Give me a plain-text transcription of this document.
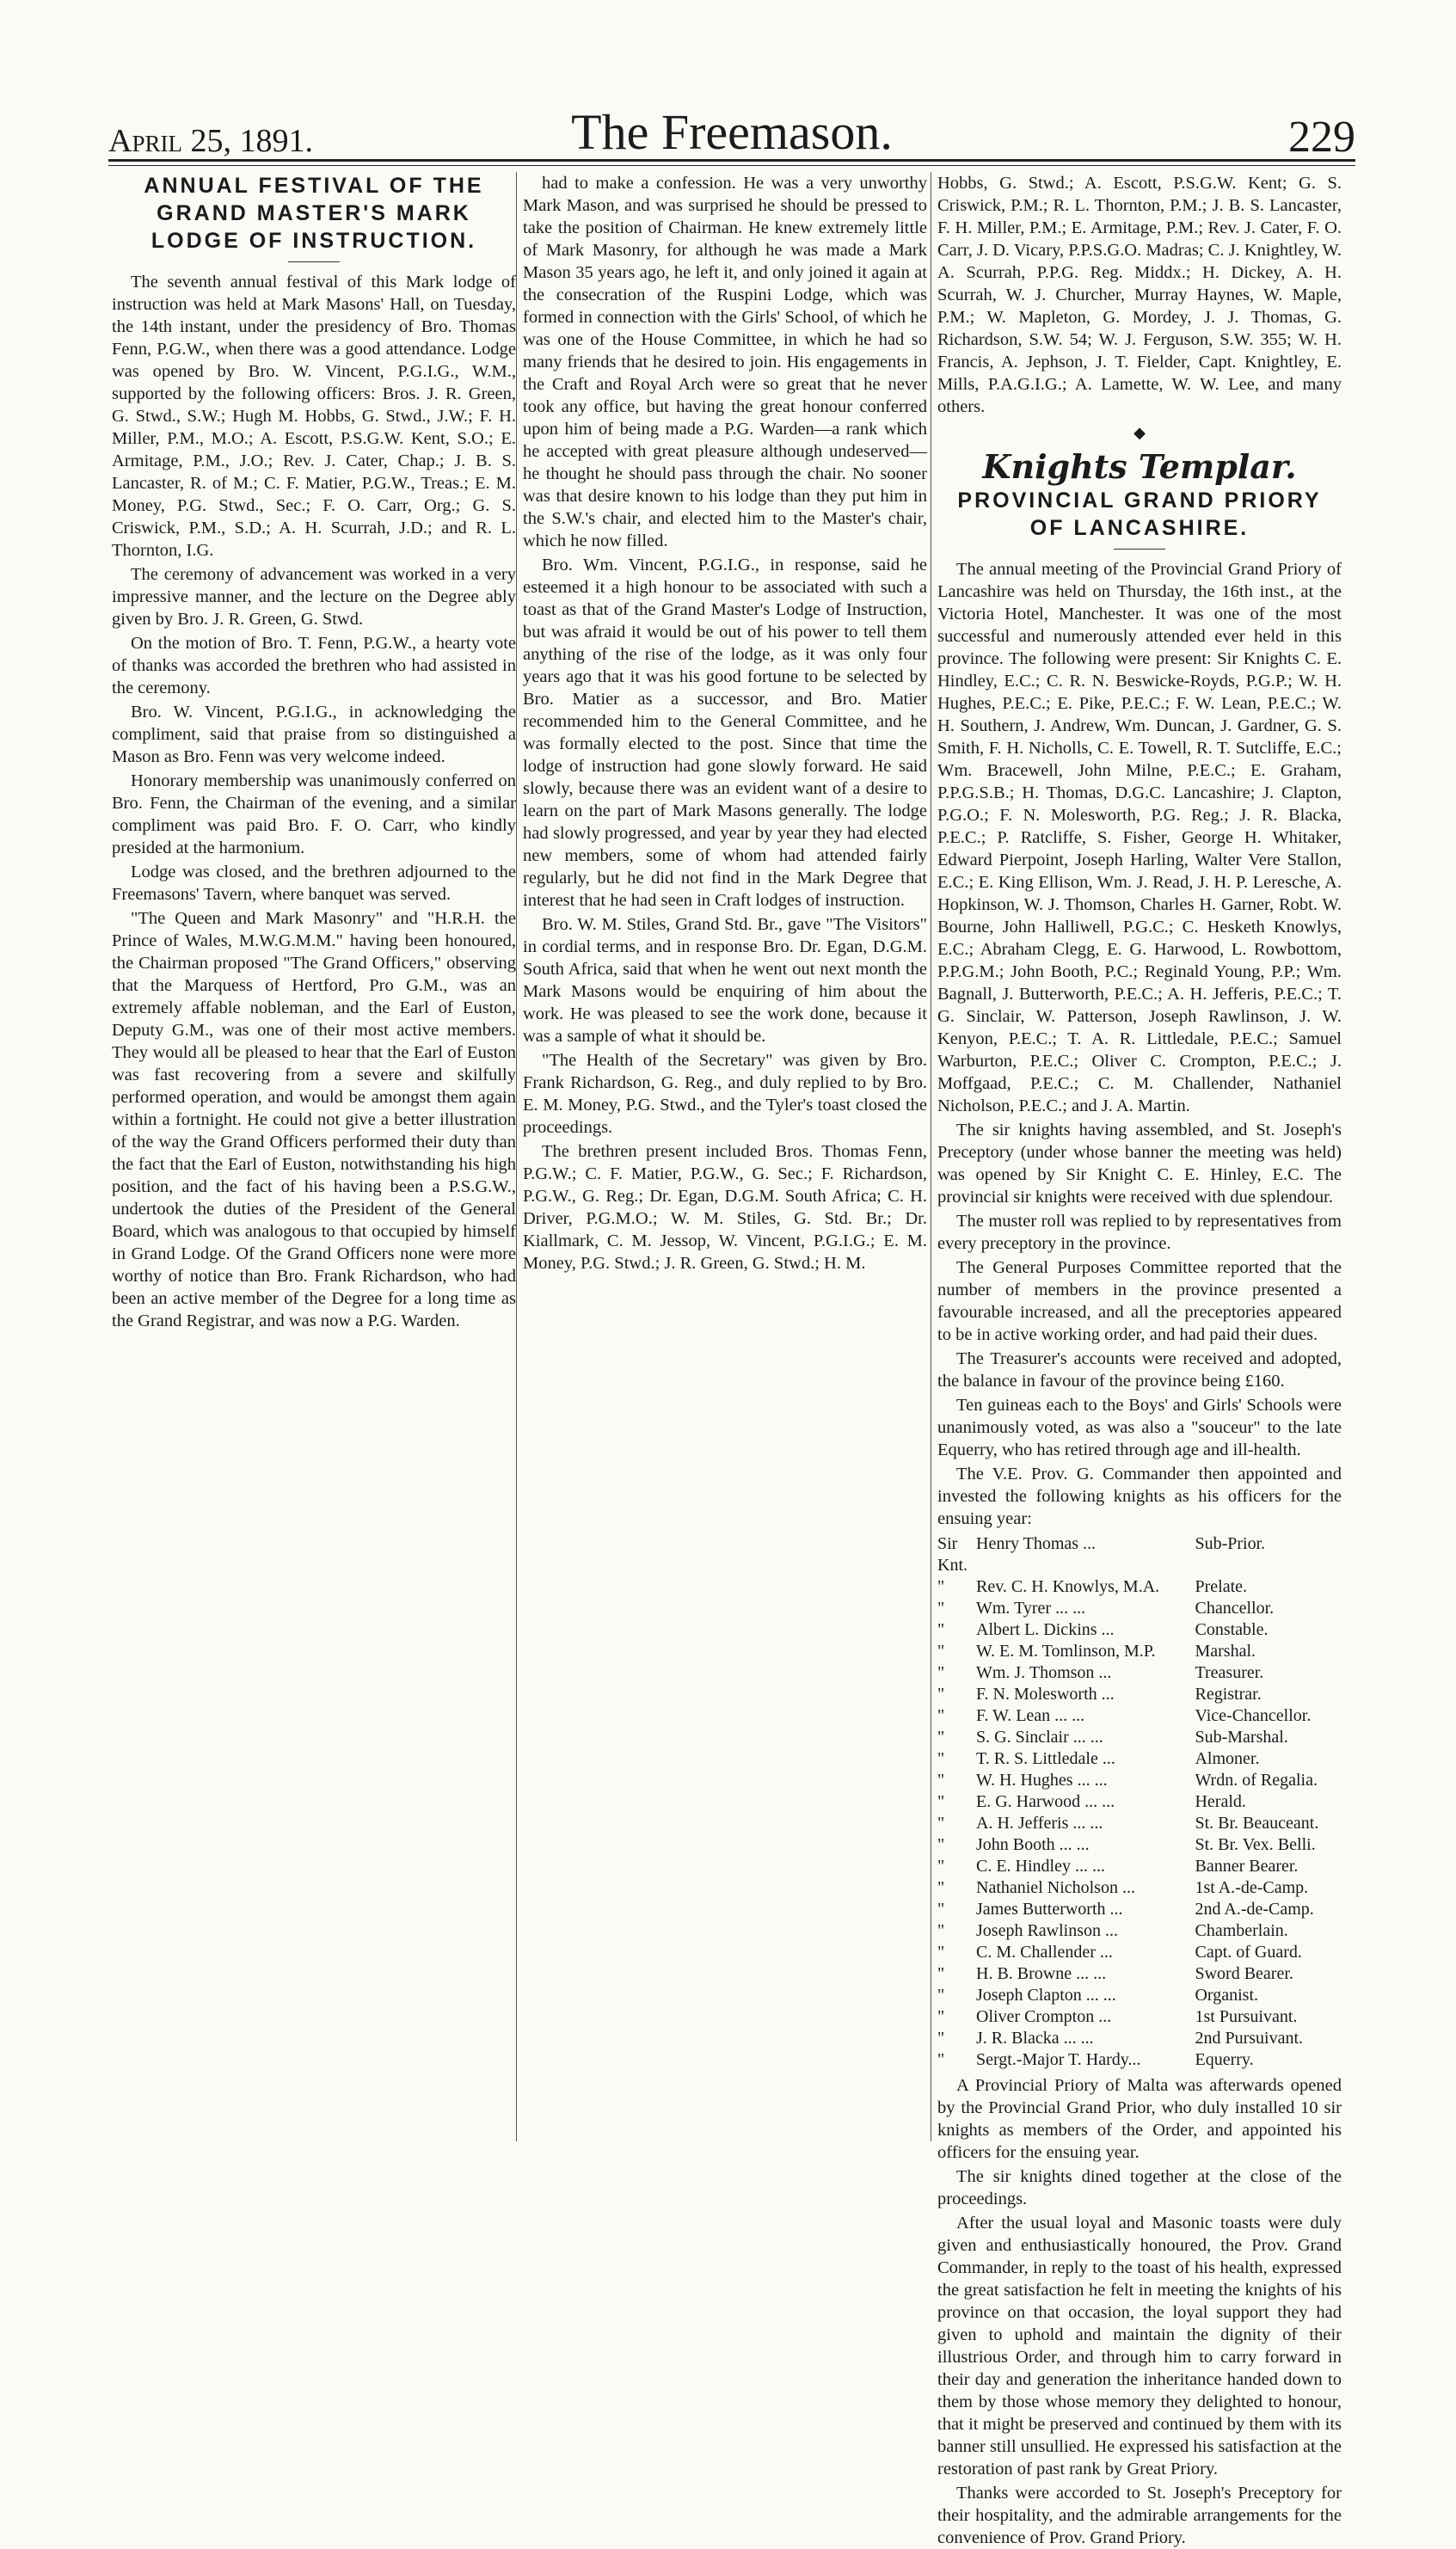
April 25, 1891.	The Freemason.	229
ANNUAL FESTIVAL OF THE GRAND MASTER'S MARK LODGE OF INSTRUCTION.

The seventh annual festival of this Mark lodge of instruction was held at Mark Masons' Hall, on Tuesday, the 14th instant, under the presidency of Bro. Thomas Fenn, P.G.W., when there was a good attendance. Lodge was opened by Bro. W. Vincent, P.G.I.G., W.M., supported by the following officers: Bros. J. R. Green, G. Stwd., S.W.; Hugh M. Hobbs, G. Stwd., J.W.; F. H. Miller, P.M., M.O.; A. Escott, P.S.G.W. Kent, S.O.; E. Armitage, P.M., J.O.; Rev. J. Cater, Chap.; J. B. S. Lancaster, R. of M.; C. F. Matier, P.G.W., Treas.; E. M. Money, P.G. Stwd., Sec.; F. O. Carr, Org.; G. S. Criswick, P.M., S.D.; A. H. Scurrah, J.D.; and R. L. Thornton, I.G.

The ceremony of advancement was worked in a very impressive manner, and the lecture on the Degree ably given by Bro. J. R. Green, G. Stwd.

On the motion of Bro. T. Fenn, P.G.W., a hearty vote of thanks was accorded the brethren who had assisted in the ceremony.

Bro. W. Vincent, P.G.I.G., in acknowledging the compliment, said that praise from so distinguished a Mason as Bro. Fenn was very welcome indeed.

Honorary membership was unanimously conferred on Bro. Fenn, the Chairman of the evening, and a similar compliment was paid Bro. F. O. Carr, who kindly presided at the harmonium.

Lodge was closed, and the brethren adjourned to the Freemasons' Tavern, where banquet was served.

"The Queen and Mark Masonry" and "H.R.H. the Prince of Wales, M.W.G.M.M." having been honoured, the Chairman proposed "The Grand Officers," observing that the Marquess of Hertford, Pro G.M., was an extremely affable nobleman, and the Earl of Euston, Deputy G.M., was one of their most active members. They would all be pleased to hear that the Earl of Euston was fast recovering from a severe and skilfully performed operation, and would be amongst them again within a fortnight. He could not give a better illustration of the way the Grand Officers performed their duty than the fact that the Earl of Euston, notwithstanding his high position, and the fact of his having been a P.S.G.W., undertook the duties of the President of the General Board, which was analogous to that occupied by himself in Grand Lodge. Of the Grand Officers none were more worthy of notice than Bro. Frank Richardson, who had been an active member of the Degree for a long time as the Grand Registrar, and was now a P.G. Warden.

had to make a confession. He was a very unworthy Mark Mason, and was surprised he should be pressed to take the position of Chairman. He knew extremely little of Mark Masonry, for although he was made a Mark Mason 35 years ago, he left it, and only joined it again at the consecration of the Ruspini Lodge, which was formed in connection with the Girls' School, of which he was one of the House Committee, in which he had so many friends that he desired to join. His engagements in the Craft and Royal Arch were so great that he never took any office, but having the great honour conferred upon him of being made a P.G. Warden—a rank which he accepted with great pleasure although undeserved—he thought he should pass through the chair. No sooner was that desire known to his lodge than they put him in the S.W.'s chair, and elected him to the Master's chair, which he now filled.

Bro. Wm. Vincent, P.G.I.G., in response, said he esteemed it a high honour to be associated with such a toast as that of the Grand Master's Lodge of Instruction, but was afraid it would be out of his power to tell them anything of the rise of the lodge, as it was only four years ago that it was his good fortune to be selected by Bro. Matier as a successor, and Bro. Matier recommended him to the General Committee, and he was formally elected to the post. Since that time the lodge of instruction had gone slowly forward. He said slowly, because there was an evident want of a desire to learn on the part of Mark Masons generally. The lodge had slowly progressed, and year by year they had elected new members, some of whom had attended fairly regularly, but he did not find in the Mark Degree that interest that he had seen in Craft lodges of instruction.

Bro. W. M. Stiles, Grand Std. Br., gave "The Visitors" in cordial terms, and in response Bro. Dr. Egan, D.G.M. South Africa, said that when he went out next month the Mark Masons would be enquiring of him about the work. He was pleased to see the work done, because it was a sample of what it should be.

"The Health of the Secretary" was given by Bro. Frank Richardson, G. Reg., and duly replied to by Bro. E. M. Money, P.G. Stwd., and the Tyler's toast closed the proceedings.

The brethren present included Bros. Thomas Fenn, P.G.W.; C. F. Matier, P.G.W., G. Sec.; F. Richardson, P.G.W., G. Reg.; Dr. Egan, D.G.M. South Africa; C. H. Driver, P.G.M.O.; W. M. Stiles, G. Std. Br.; Dr. Kiallmark, C. M. Jessop, W. Vincent, P.G.I.G.; E. M. Money, P.G. Stwd.; J. R. Green, G. Stwd.; H. M.

Hobbs, G. Stwd.; A. Escott, P.S.G.W. Kent; G. S. Criswick, P.M.; R. L. Thornton, P.M.; J. B. S. Lancaster, F. H. Miller, P.M.; E. Armitage, P.M.; Rev. J. Cater, F. O. Carr, J. D. Vicary, P.P.S.G.O. Madras; C. J. Knightley, W. A. Scurrah, P.P.G. Reg. Middx.; H. Dickey, A. H. Scurrah, W. J. Churcher, Murray Haynes, W. Maple, P.M.; W. Mapleton, G. Mordey, J. J. Thomas, G. Richardson, S.W. 54; W. J. Ferguson, S.W. 355; W. H. Francis, A. Jephson, J. T. Fielder, Capt. Knightley, E. Mills, P.A.G.I.G.; A. Lamette, W. W. Lee, and many others.

◆
Knights Templar.
PROVINCIAL GRAND PRIORY OF LANCASHIRE.

The annual meeting of the Provincial Grand Priory of Lancashire was held on Thursday, the 16th inst., at the Victoria Hotel, Manchester. It was one of the most successful and numerously attended ever held in this province. The following were present: Sir Knights C. E. Hindley, E.C.; C. R. N. Beswicke-Royds, P.G.P.; W. H. Hughes, P.E.C.; E. Pike, P.E.C.; F. W. Lean, P.E.C.; W. H. Southern, J. Andrew, Wm. Duncan, J. Gardner, G. S. Smith, F. H. Nicholls, C. E. Towell, R. T. Sutcliffe, E.C.; Wm. Bracewell, John Milne, P.E.C.; E. Graham, P.P.G.S.B.; H. Thomas, D.G.C. Lancashire; J. Clapton, P.G.O.; F. N. Molesworth, P.G. Reg.; J. R. Blacka, P.E.C.; P. Ratcliffe, S. Fisher, George H. Whitaker, Edward Pierpoint, Joseph Harling, Walter Vere Stallon, E.C.; E. King Ellison, Wm. J. Read, J. H. P. Leresche, A. Hopkinson, W. J. Thomson, Charles H. Garner, Robt. W. Bourne, John Halliwell, P.G.C.; C. Hesketh Knowlys, E.C.; Abraham Clegg, E. G. Harwood, L. Rowbottom, P.P.G.M.; John Booth, P.C.; Reginald Young, P.P.; Wm. Bagnall, J. Butterworth, P.E.C.; A. H. Jefferis, P.E.C.; T. G. Sinclair, W. Patterson, Joseph Rawlinson, J. W. Kenyon, P.E.C.; T. A. R. Littledale, P.E.C.; Samuel Warburton, P.E.C.; Oliver C. Crompton, P.E.C.; J. Moffgaad, P.E.C.; C. M. Challender, Nathaniel Nicholson, P.E.C.; and J. A. Martin.

The sir knights having assembled, and St. Joseph's Preceptory (under whose banner the meeting was held) was opened by Sir Knight C. E. Hinley, E.C. The provincial sir knights were received with due splendour.

The muster roll was replied to by representatives from every preceptory in the province.

The General Purposes Committee reported that the number of members in the province presented a favourable increased, and all the preceptories appeared to be in active working order, and had paid their dues.

The Treasurer's accounts were received and adopted, the balance in favour of the province being £160.

Ten guineas each to the Boys' and Girls' Schools were unanimously voted, as was also a "souceur" to the late Equerry, who has retired through age and ill-health.

The V.E. Prov. G. Commander then appointed and invested the following knights as his officers for the ensuing year:

Sir Knt.	Henry Thomas ...	Sub-Prior.
"	Rev. C. H. Knowlys, M.A.	Prelate.
"	Wm. Tyrer ... ...	Chancellor.
"	Albert L. Dickins ...	Constable.
"	W. E. M. Tomlinson, M.P.	Marshal.
"	Wm. J. Thomson ...	Treasurer.
"	F. N. Molesworth ...	Registrar.
"	F. W. Lean ... ...	Vice-Chancellor.
"	S. G. Sinclair ... ...	Sub-Marshal.
"	T. R. S. Littledale ...	Almoner.
"	W. H. Hughes ... ...	Wrdn. of Regalia.
"	E. G. Harwood ... ...	Herald.
"	A. H. Jefferis ... ...	St. Br. Beauceant.
"	John Booth ... ...	St. Br. Vex. Belli.
"	C. E. Hindley ... ...	Banner Bearer.
"	Nathaniel Nicholson ...	1st A.-de-Camp.
"	James Butterworth ...	2nd A.-de-Camp.
"	Joseph Rawlinson ...	Chamberlain.
"	C. M. Challender ...	Capt. of Guard.
"	H. B. Browne ... ...	Sword Bearer.
"	Joseph Clapton ... ...	Organist.
"	Oliver Crompton ...	1st Pursuivant.
"	J. R. Blacka ... ...	2nd Pursuivant.
"	Sergt.-Major T. Hardy...	Equerry.

A Provincial Priory of Malta was afterwards opened by the Provincial Grand Prior, who duly installed 10 sir knights as members of the Order, and appointed his officers for the ensuing year.

The sir knights dined together at the close of the proceedings.

After the usual loyal and Masonic toasts were duly given and enthusiastically honoured, the Prov. Grand Commander, in reply to the toast of his health, expressed the great satisfaction he felt in meeting the knights of his province on that occasion, the loyal support they had given to uphold and maintain the dignity of their illustrious Order, and through him to carry forward in their day and generation the inheritance handed down to them by those whose memory they delighted to honour, that it might be preserved and continued by them with its banner still unsullied. He expressed his satisfaction at the restoration of past rank by Great Priory.

Thanks were accorded to St. Joseph's Preceptory for their hospitality, and the admirable arrangements for the convenience of Prov. Grand Priory.
